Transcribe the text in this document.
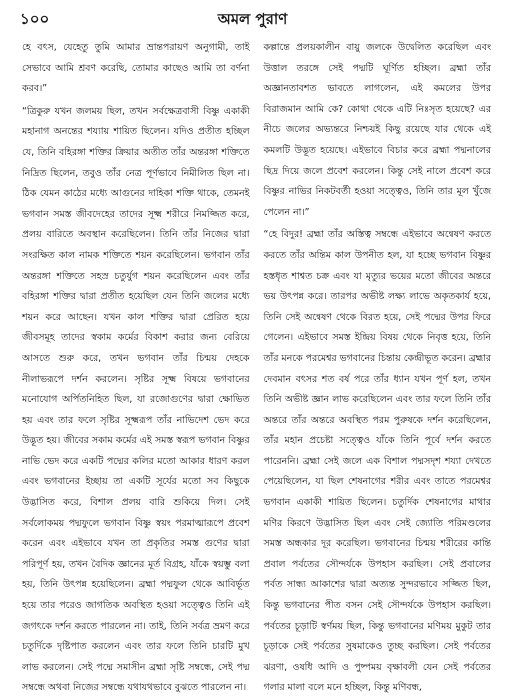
১০০	অমল পুরাণ

হে বৎস, যেহেতু তুমি আমার ভ্রান্তপরায়ণ অনুগামী, তাই সেভাবে আমি শ্রবণ করেছি, তোমার কাছেও আমি তা বর্ণনা করব।”

“ত্রিকুরু যখন জলময় ছিল, তখন সর্বক্ষেত্রবাসী বিষ্ণু একাকী মহানাগ অনন্তের শয্যায় শায়িত ছিলেন। যদিও প্রতীত হচ্ছিল যে, তিনি বহিরঙ্গা শক্তির ক্রিয়ার অতীত তাঁর অন্তরঙ্গা শক্তিতে নিদ্রিত ছিলেন, তবুও তাঁর নেত্র পূর্ণভাবে নিমীলিত ছিল না। ঠিক যেমন কাঠের মধ্যে আগুনের দাহিকা শক্তি থাকে, তেমনই ভগবান সমস্ত জীবদেহের তাদের সূক্ষ্ম শরীরে নিমজ্জিত করে, প্রলয় বারিতে অবস্থান করেছিলেন। তিনি তাঁর নিজের দ্বারা সংরক্ষিত কাল নামক শক্তিতে শয়ন করেছিলেন। ভগবান তাঁর অন্তরঙ্গা শক্তিতে সহস্র চতুর্যুগ শয়ন করেছিলেন এবং তাঁর বহিরঙ্গা শক্তির দ্বারা প্রতীত হয়েছিল যেন তিনি জলের মধ্যে শয়ন করে আছেন। যখন কাল শক্তির দ্বারা প্রেরিত হয়ে জীবসমূহ তাদের স্বকাম কর্মের বিকাশ করার জন্য বেরিয়ে আসতে শুরু করে, তখন ভগবান তাঁর চিন্ময় দেহকে নীলাভরূপে দর্শন করলেন। সৃষ্টির সূক্ষ্ম বিষয়ে ভগবানের মনোযোগ অর্পিতনিহিত ছিল, যা রজোগুণের দ্বারা ক্ষোভিত হয় এবং তার ফলে সৃষ্টির সূক্ষ্মরূপ তাঁর নাভিদেশ ভেদ করে উদ্ভূত হয়। জীবের সকাম কর্মের এই সমস্ত স্বরূপ ভগবান বিষ্ণুর নাভি ভেদ করে একটি পদ্মের কলির মতো আকার ধারণ করল এবং ভগবানের ইচ্ছায় তা একটি সূর্যের মতো সব কিছুকে উদ্ভাসিত করে, বিশাল প্রলয় বারি শুকিয়ে দিল। সেই সর্বলোকময় পদ্মফুলে ভগবান বিষ্ণু স্বয়ং পরমাত্মারূপে প্রবেশ করেন এবং এইভাবে যখন তা প্রকৃতির সমস্ত গুণের দ্বারা পরিপূর্ণ হয়, তখন বৈদিক জ্ঞানের মূর্ত বিগ্রহ, যাঁকে স্বয়ম্ভু বলা হয়, তিনি উৎপন্ন হয়েছিলেন। ব্রহ্মা পদ্মফুল থেকে আবির্ভূত হয়ে তার পরেও জাগতিক অবস্থিত হওয়া সত্ত্বেও তিনি এই জগৎকে দর্শন করতে পারলেন না। তাই, তিনি সর্বত্র ভ্রমণ করে চতুর্দিকে দৃষ্টিপাত করলেন এবং তার ফলে তিনি চারটি মুখ লাভ করলেন। সেই পদ্মে সমাসীন ব্রহ্মা সৃষ্টি সম্বন্ধে, সেই পদ্ম সম্বন্ধে অথবা নিজের সম্বন্ধে যথাযথভাবে বুঝতে পারলেন না।

কল্পান্তে প্রলয়কালীন বায়ু জলকে উদ্বেলিত করেছিল এবং উত্তাল তরঙ্গে সেই পদ্মটি ঘূর্ণিত হচ্ছিল। ব্রহ্মা তাঁর অজ্ঞানতাবশত ভাবতে লাগলেন, এই কমলের উপর বিরাজমান আমি কে? কোথা থেকে এটি নিঃসৃত হয়েছে? এর নীচে জলের অভ্যন্তরে নিশ্চয়ই কিছু রয়েছে যার থেকে এই কমলটি উদ্ভূত হয়েছে। এইভাবে বিচার করে ব্রহ্মা পদ্মনালের ছিদ্র দিয়ে জলে প্রবেশ করলেন। কিন্তু সেই নালে প্রবেশ করে বিষ্ণুর নাভির নিকটবর্তী হওয়া সত্ত্বেও, তিনি তার মূল খুঁজে পেলেন না।”

“হে বিদুর! ব্রহ্মা তাঁর অস্তিত্ব সম্বন্ধে এইভাবে অন্বেষণ করতে করতে তাঁর অন্তিম কাল উপনীত হল, যা হচ্ছে ভগবান বিষ্ণুর হস্তধৃত শাশ্বত চক্র এবং যা মৃত্যুর ভয়ের মতো জীবের অন্তরে ভয় উৎপন্ন করে। তারপর অভীষ্ট লক্ষ্য লাভে অকৃতকার্য হয়ে, তিনি সেই অন্বেষণ থেকে বিরত হয়ে, সেই পদ্মের উপর ফিরে গেলেন। এইভাবে সমস্ত ইন্দ্রিয় বিষয় থেকে নিবৃত্ত হয়ে, তিনি তাঁর মনকে পরমেশ্বর ভগবানের চিন্তায় কেন্দ্রীভূত করেন। ব্রহ্মার দেবমান বৎসর শত বর্ষ পরে তাঁর ধ্যান যখন পূর্ণ হল, তখন তিনি অভীষ্ট জ্ঞান লাভ করেছিলেন এবং তার ফলে তিনি তাঁর অন্তরে তাঁর অন্তরে অবস্থিত পরম পুরুষকে দর্শন করেছিলেন, তাঁর মহান প্রচেষ্টা সত্ত্বেও যাঁকে তিনি পূর্বে দর্শন করতে পারেননি। ব্রহ্মা সেই জলে এক বিশাল পদ্মসদৃশ শয্যা দেখতে পেয়েছিলেন, যা ছিল শেষনাগের শরীর এবং তাতে পরমেশ্বর ভগবান একাকী শায়িত ছিলেন। চতুর্দিক শেষনাগের মাথার মণির কিরণে উদ্ভাসিত ছিল এবং সেই জ্যোতি পরিমণ্ডলের সমস্ত অন্ধকার দূর করেছিল। ভগবানের চিন্ময় শরীরের কান্তি প্রবাল পর্বতের সৌন্দর্যকে উপহাস করছিল। সেই প্রবালের পর্বত সান্ধ্য আকাশের দ্বারা অত্যন্ত সুন্দরভাবে সজ্জিত ছিল, কিন্তু ভগবানের পীত বসন সেই সৌন্দর্যকে উপহাস করছিল। পর্বতের চূড়াটি স্বর্ণময় ছিল, কিন্তু ভগবানের মণিময় মুকুট তার চূড়াকে সেই পর্বতের সুষমাকেও তুচ্ছ করছিল। সেই পর্বতের ঝরণা, ওষধি আদি ও পুষ্পময় বৃক্ষাবলী যেন সেই পর্বতের গলার মালা বলে মনে হচ্ছিল, কিন্তু মণিবন্ধ,
